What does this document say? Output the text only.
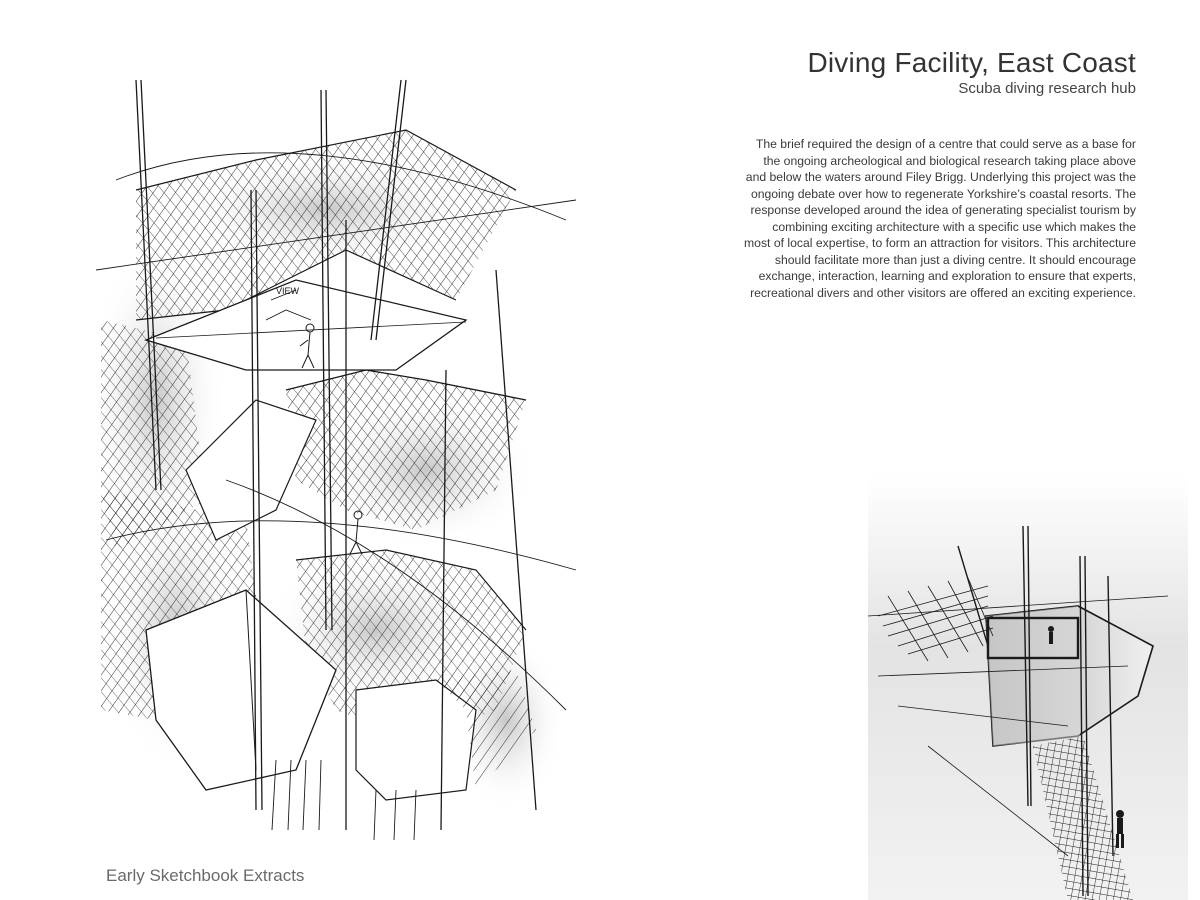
Diving Facility, East Coast
Scuba diving research hub
The brief required the design of a centre that could serve as a base for
the ongoing archeological and biological research taking place above
and below the waters around Filey Brigg. Underlying this project was the
ongoing debate over how to regenerate Yorkshire’s coastal resorts. The
response developed around the idea of generating specialist tourism by
combining exciting architecture with a specific use which makes the
most of local expertise, to form an attraction for visitors. This architecture
should facilitate more than just a diving centre. It should encourage
exchange, interaction, learning and exploration to ensure that experts,
recreational divers and other visitors are offered an exciting experience.
VIEW
Early Sketchbook Extracts
